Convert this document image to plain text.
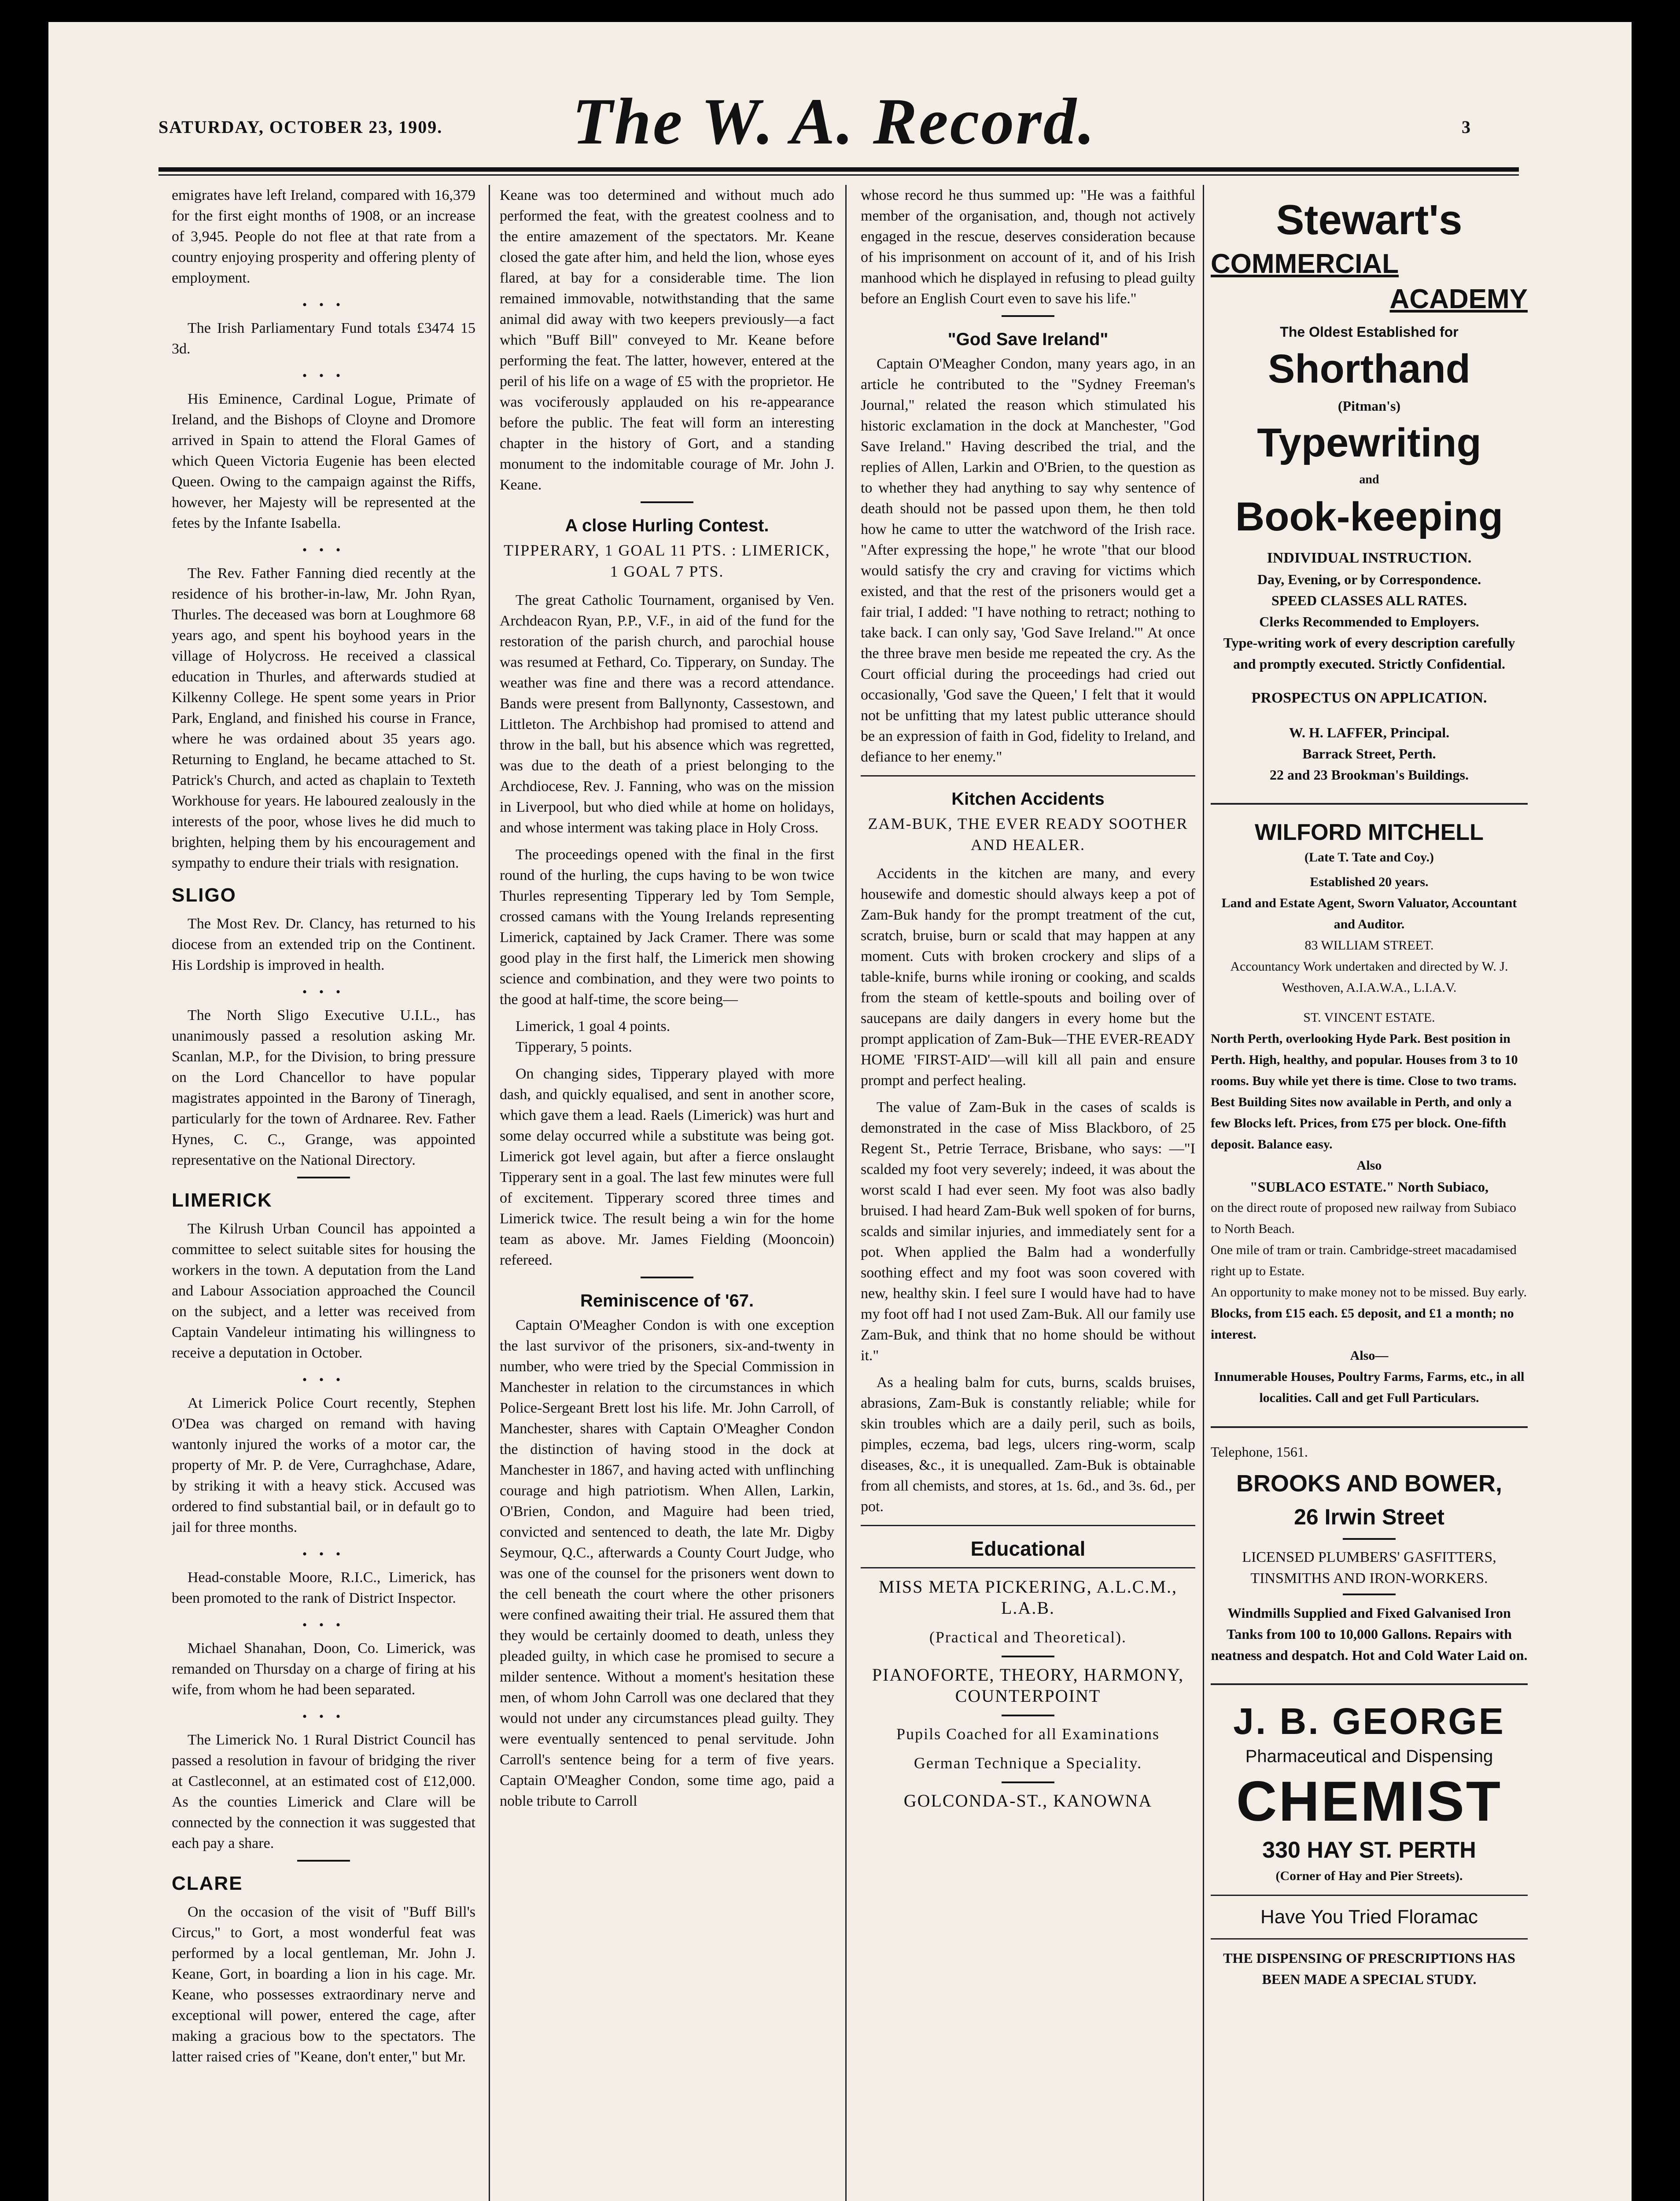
SATURDAY, OCTOBER 23, 1909. The W. A. Record.	3

emigrates have left Ireland, compared with 16,379 for the first eight months of 1908, or an increase of 3,945. People do not flee at that rate from a country enjoying prosperity and offering plenty of employment.

• • •

The Irish Parliamentary Fund totals £3474 15 3d.

• • •

His Eminence, Cardinal Logue, Primate of Ireland, and the Bishops of Cloyne and Dromore arrived in Spain to attend the Floral Games of which Queen Victoria Eugenie has been elected Queen. Owing to the campaign against the Riffs, however, her Majesty will be represented at the fetes by the Infante Isabella.

• • •

The Rev. Father Fanning died recently at the residence of his brother-in-law, Mr. John Ryan, Thurles. The deceased was born at Loughmore 68 years ago, and spent his boyhood years in the village of Holycross. He received a classical education in Thurles, and afterwards studied at Kilkenny College. He spent some years in Prior Park, England, and finished his course in France, where he was ordained about 35 years ago. Returning to England, he became attached to St. Patrick's Church, and acted as chaplain to Texteth Workhouse for years. He laboured zealously in the interests of the poor, whose lives he did much to brighten, helping them by his encouragement and sympathy to endure their trials with resignation.

SLIGO

The Most Rev. Dr. Clancy, has returned to his diocese from an extended trip on the Continent. His Lordship is improved in health.

• • •

The North Sligo Executive U.I.L., has unanimously passed a resolution asking Mr. Scanlan, M.P., for the Division, to bring pressure on the Lord Chancellor to have popular magistrates appointed in the Barony of Tineragh, particularly for the town of Ardnaree. Rev. Father Hynes, C. C., Grange, was appointed representative on the National Directory.

LIMERICK

The Kilrush Urban Council has appointed a committee to select suitable sites for housing the workers in the town. A deputation from the Land and Labour Association approached the Council on the subject, and a letter was received from Captain Vandeleur intimating his willingness to receive a deputation in October.

• • •

At Limerick Police Court recently, Stephen O'Dea was charged on remand with having wantonly injured the works of a motor car, the property of Mr. P. de Vere, Curraghchase, Adare, by striking it with a heavy stick. Accused was ordered to find substantial bail, or in default go to jail for three months.

• • •

Head-constable Moore, R.I.C., Limerick, has been promoted to the rank of District Inspector.

• • •

Michael Shanahan, Doon, Co. Limerick, was remanded on Thursday on a charge of firing at his wife, from whom he had been separated.

• • •

The Limerick No. 1 Rural District Council has passed a resolution in favour of bridging the river at Castleconnel, at an estimated cost of £12,000. As the counties Limerick and Clare will be connected by the connection it was suggested that each pay a share.

CLARE

On the occasion of the visit of "Buff Bill's Circus," to Gort, a most wonderful feat was performed by a local gentleman, Mr. John J. Keane, Gort, in boarding a lion in his cage. Mr. Keane, who possesses extraordinary nerve and exceptional will power, entered the cage, after making a gracious bow to the spectators. The latter raised cries of "Keane, don't enter," but Mr.

Keane was too determined and without much ado performed the feat, with the greatest coolness and to the entire amazement of the spectators. Mr. Keane closed the gate after him, and held the lion, whose eyes flared, at bay for a considerable time. The lion remained immovable, notwithstanding that the same animal did away with two keepers previously—a fact which "Buff Bill" conveyed to Mr. Keane before performing the feat. The latter, however, entered at the peril of his life on a wage of £5 with the proprietor. He was vociferously applauded on his re-appearance before the public. The feat will form an interesting chapter in the history of Gort, and a standing monument to the indomitable courage of Mr. John J. Keane.

A close Hurling Contest.
TIPPERARY, 1 GOAL 11 PTS. : LIMERICK, 1 GOAL 7 PTS.

The great Catholic Tournament, organised by Ven. Archdeacon Ryan, P.P., V.F., in aid of the fund for the restoration of the parish church, and parochial house was resumed at Fethard, Co. Tipperary, on Sunday. The weather was fine and there was a record attendance. Bands were present from Ballynonty, Cassestown, and Littleton. The Archbishop had promised to attend and throw in the ball, but his absence which was regretted, was due to the death of a priest belonging to the Archdiocese, Rev. J. Fanning, who was on the mission in Liverpool, but who died while at home on holidays, and whose interment was taking place in Holy Cross.

The proceedings opened with the final in the first round of the hurling, the cups having to be won twice Thurles representing Tipperary led by Tom Semple, crossed camans with the Young Irelands representing Limerick, captained by Jack Cramer. There was some good play in the first half, the Limerick men showing science and combination, and they were two points to the good at half-time, the score being—

Limerick, 1 goal 4 points.

Tipperary, 5 points.

On changing sides, Tipperary played with more dash, and quickly equalised, and sent in another score, which gave them a lead. Raels (Limerick) was hurt and some delay occurred while a substitute was being got. Limerick got level again, but after a fierce onslaught Tipperary sent in a goal. The last few minutes were full of excitement. Tipperary scored three times and Limerick twice. The result being a win for the home team as above. Mr. James Fielding (Mooncoin) refereed.

Reminiscence of '67.

Captain O'Meagher Condon is with one exception the last survivor of the prisoners, six-and-twenty in number, who were tried by the Special Commission in Manchester in relation to the circumstances in which Police-Sergeant Brett lost his life. Mr. John Carroll, of Manchester, shares with Captain O'Meagher Condon the distinction of having stood in the dock at Manchester in 1867, and having acted with unflinching courage and high patriotism. When Allen, Larkin, O'Brien, Condon, and Maguire had been tried, convicted and sentenced to death, the late Mr. Digby Seymour, Q.C., afterwards a County Court Judge, who was one of the counsel for the prisoners went down to the cell beneath the court where the other prisoners were confined awaiting their trial. He assured them that they would be certainly doomed to death, unless they pleaded guilty, in which case he promised to secure a milder sentence. Without a moment's hesitation these men, of whom John Carroll was one declared that they would not under any circumstances plead guilty. They were eventually sentenced to penal servitude. John Carroll's sentence being for a term of five years. Captain O'Meagher Condon, some time ago, paid a noble tribute to Carroll

whose record he thus summed up: "He was a faithful member of the organisation, and, though not actively engaged in the rescue, deserves consideration because of his imprisonment on account of it, and of his Irish manhood which he displayed in refusing to plead guilty before an English Court even to save his life."

"God Save Ireland"

Captain O'Meagher Condon, many years ago, in an article he contributed to the "Sydney Freeman's Journal," related the reason which stimulated his historic exclamation in the dock at Manchester, "God Save Ireland." Having described the trial, and the replies of Allen, Larkin and O'Brien, to the question as to whether they had anything to say why sentence of death should not be passed upon them, he then told how he came to utter the watchword of the Irish race. "After expressing the hope," he wrote "that our blood would satisfy the cry and craving for victims which existed, and that the rest of the prisoners would get a fair trial, I added: "I have nothing to retract; nothing to take back. I can only say, 'God Save Ireland.'" At once the three brave men beside me repeated the cry. As the Court official during the proceedings had cried out occasionally, 'God save the Queen,' I felt that it would not be unfitting that my latest public utterance should be an expression of faith in God, fidelity to Ireland, and defiance to her enemy."

Kitchen Accidents
ZAM-BUK, THE EVER READY SOOTHER AND HEALER.

Accidents in the kitchen are many, and every housewife and domestic should always keep a pot of Zam-Buk handy for the prompt treatment of the cut, scratch, bruise, burn or scald that may happen at any moment. Cuts with broken crockery and slips of a table-knife, burns while ironing or cooking, and scalds from the steam of kettle-spouts and boiling over of saucepans are daily dangers in every home but the prompt application of Zam-Buk—THE EVER-READY HOME 'FIRST-AID'—will kill all pain and ensure prompt and perfect healing.

The value of Zam-Buk in the cases of scalds is demonstrated in the case of Miss Blackboro, of 25 Regent St., Petrie Terrace, Brisbane, who says: —"I scalded my foot very severely; indeed, it was about the worst scald I had ever seen. My foot was also badly bruised. I had heard Zam-Buk well spoken of for burns, scalds and similar injuries, and immediately sent for a pot. When applied the Balm had a wonderfully soothing effect and my foot was soon covered with new, healthy skin. I feel sure I would have had to have my foot off had I not used Zam-Buk. All our family use Zam-Buk, and think that no home should be without it."

As a healing balm for cuts, burns, scalds bruises, abrasions, Zam-Buk is constantly reliable; while for skin troubles which are a daily peril, such as boils, pimples, eczema, bad legs, ulcers ring-worm, scalp diseases, &c., it is unequalled. Zam-Buk is obtainable from all chemists, and stores, at 1s. 6d., and 3s. 6d., per pot.

Educational
MISS META PICKERING, A.L.C.M., L.A.B.
(Practical and Theoretical).
PIANOFORTE, THEORY, HARMONY, COUNTERPOINT
Pupils Coached for all Examinations
German Technique a Speciality.
GOLCONDA-ST., KANOWNA
Stewart's
COMMERCIAL
ACADEMY
The Oldest Established for
Shorthand
(Pitman's)
Typewriting
and
Book-keeping
INDIVIDUAL INSTRUCTION.
Day, Evening, or by Correspondence.
SPEED CLASSES ALL RATES.
Clerks Recommended to Employers.
Type-writing work of every description carefully and promptly executed. Strictly Confidential.
PROSPECTUS ON APPLICATION.
W. H. LAFFER, Principal.
Barrack Street, Perth.
22 and 23 Brookman's Buildings.
WILFORD MITCHELL
(Late T. Tate and Coy.)
Established 20 years.
Land and Estate Agent, Sworn Valuator, Accountant and Auditor.
83 WILLIAM STREET.
Accountancy Work undertaken and directed by W. J. Westhoven, A.I.A.W.A., L.I.A.V.
ST. VINCENT ESTATE.
North Perth, overlooking Hyde Park. Best position in Perth. High, healthy, and popular. Houses from 3 to 10 rooms. Buy while yet there is time. Close to two trams.
Best Building Sites now available in Perth, and only a few Blocks left. Prices, from £75 per block. One-fifth deposit. Balance easy.
Also
"SUBLACO ESTATE." North Subiaco,
on the direct route of proposed new railway from Subiaco to North Beach.
One mile of tram or train. Cambridge-street macadamised right up to Estate.
An opportunity to make money not to be missed. Buy early.
Blocks, from £15 each. £5 deposit, and £1 a month; no interest.
Also—
Innumerable Houses, Poultry Farms, Farms, etc., in all localities. Call and get Full Particulars.
Telephone, 1561.
BROOKS AND BOWER,
26 Irwin Street
LICENSED PLUMBERS' GASFITTERS, TINSMITHS AND IRON-WORKERS.
Windmills Supplied and Fixed Galvanised Iron Tanks from 100 to 10,000 Gallons. Repairs with neatness and despatch. Hot and Cold Water Laid on.
J. B. GEORGE
Pharmaceutical and Dispensing
CHEMIST
330 HAY ST. PERTH
(Corner of Hay and Pier Streets).
Have You Tried Floramac
THE DISPENSING OF PRESCRIPTIONS HAS BEEN MADE A SPECIAL STUDY.
